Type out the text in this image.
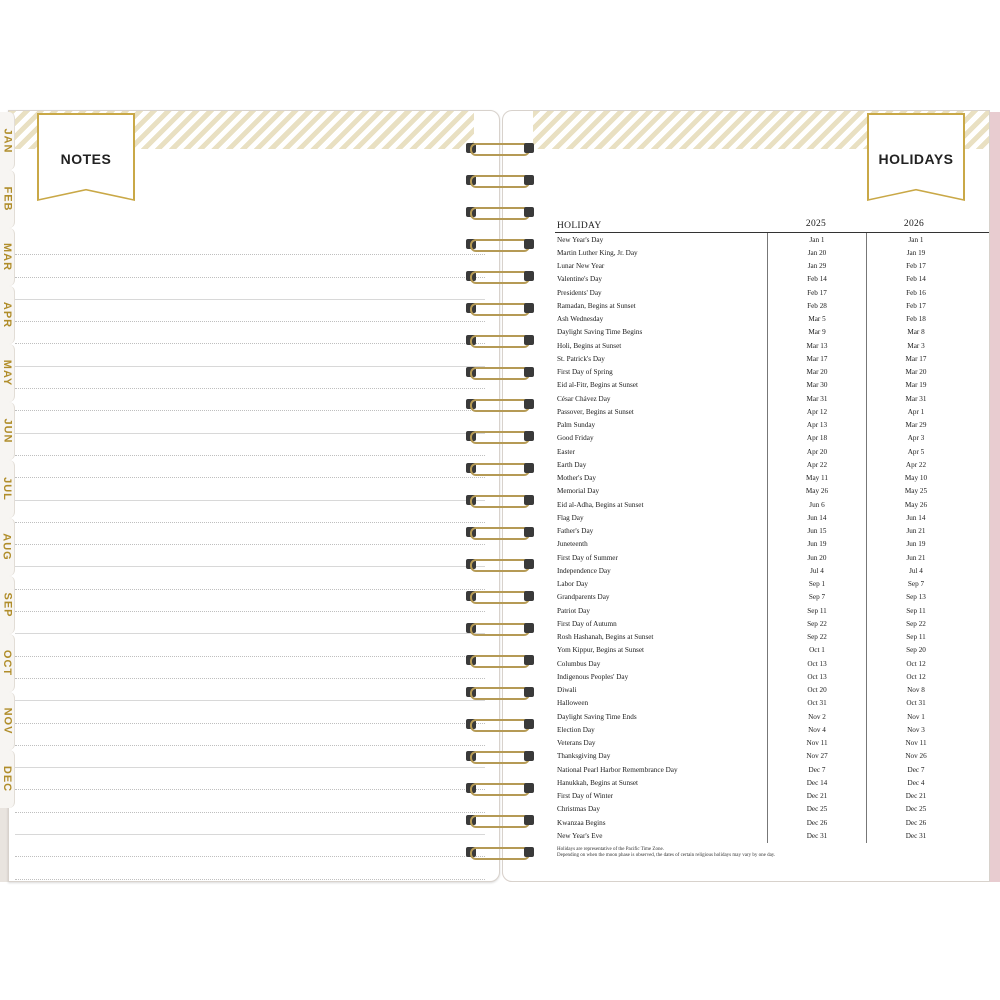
NOTES
JAN
FEB
MAR
APR
MAY
JUN
JUL
AUG
SEP
OCT
NOV
DEC
HOLIDAYS
HOLIDAY	2025	2026
New Year's Day	Jan 1	Jan 1
Martin Luther King, Jr. Day	Jan 20	Jan 19
Lunar New Year	Jan 29	Feb 17
Valentine's Day	Feb 14	Feb 14
Presidents' Day	Feb 17	Feb 16
Ramadan, Begins at Sunset	Feb 28	Feb 17
Ash Wednesday	Mar 5	Feb 18
Daylight Saving Time Begins	Mar 9	Mar 8
Holi, Begins at Sunset	Mar 13	Mar 3
St. Patrick's Day	Mar 17	Mar 17
First Day of Spring	Mar 20	Mar 20
Eid al-Fitr, Begins at Sunset	Mar 30	Mar 19
César Chávez Day	Mar 31	Mar 31
Passover, Begins at Sunset	Apr 12	Apr 1
Palm Sunday	Apr 13	Mar 29
Good Friday	Apr 18	Apr 3
Easter	Apr 20	Apr 5
Earth Day	Apr 22	Apr 22
Mother's Day	May 11	May 10
Memorial Day	May 26	May 25
Eid al-Adha, Begins at Sunset	Jun 6	May 26
Flag Day	Jun 14	Jun 14
Father's Day	Jun 15	Jun 21
Juneteenth	Jun 19	Jun 19
First Day of Summer	Jun 20	Jun 21
Independence Day	Jul 4	Jul 4
Labor Day	Sep 1	Sep 7
Grandparents Day	Sep 7	Sep 13
Patriot Day	Sep 11	Sep 11
First Day of Autumn	Sep 22	Sep 22
Rosh Hashanah, Begins at Sunset	Sep 22	Sep 11
Yom Kippur, Begins at Sunset	Oct 1	Sep 20
Columbus Day	Oct 13	Oct 12
Indigenous Peoples' Day	Oct 13	Oct 12
Diwali	Oct 20	Nov 8
Halloween	Oct 31	Oct 31
Daylight Saving Time Ends	Nov 2	Nov 1
Election Day	Nov 4	Nov 3
Veterans Day	Nov 11	Nov 11
Thanksgiving Day	Nov 27	Nov 26
National Pearl Harbor Remembrance Day	Dec 7	Dec 7
Hanukkah, Begins at Sunset	Dec 14	Dec 4
First Day of Winter	Dec 21	Dec 21
Christmas Day	Dec 25	Dec 25
Kwanzaa Begins	Dec 26	Dec 26
New Year's Eve	Dec 31	Dec 31
Holidays are representative of the Pacific Time Zone.
Depending on when the moon phase is observed, the dates of certain religious holidays may vary by one day.
